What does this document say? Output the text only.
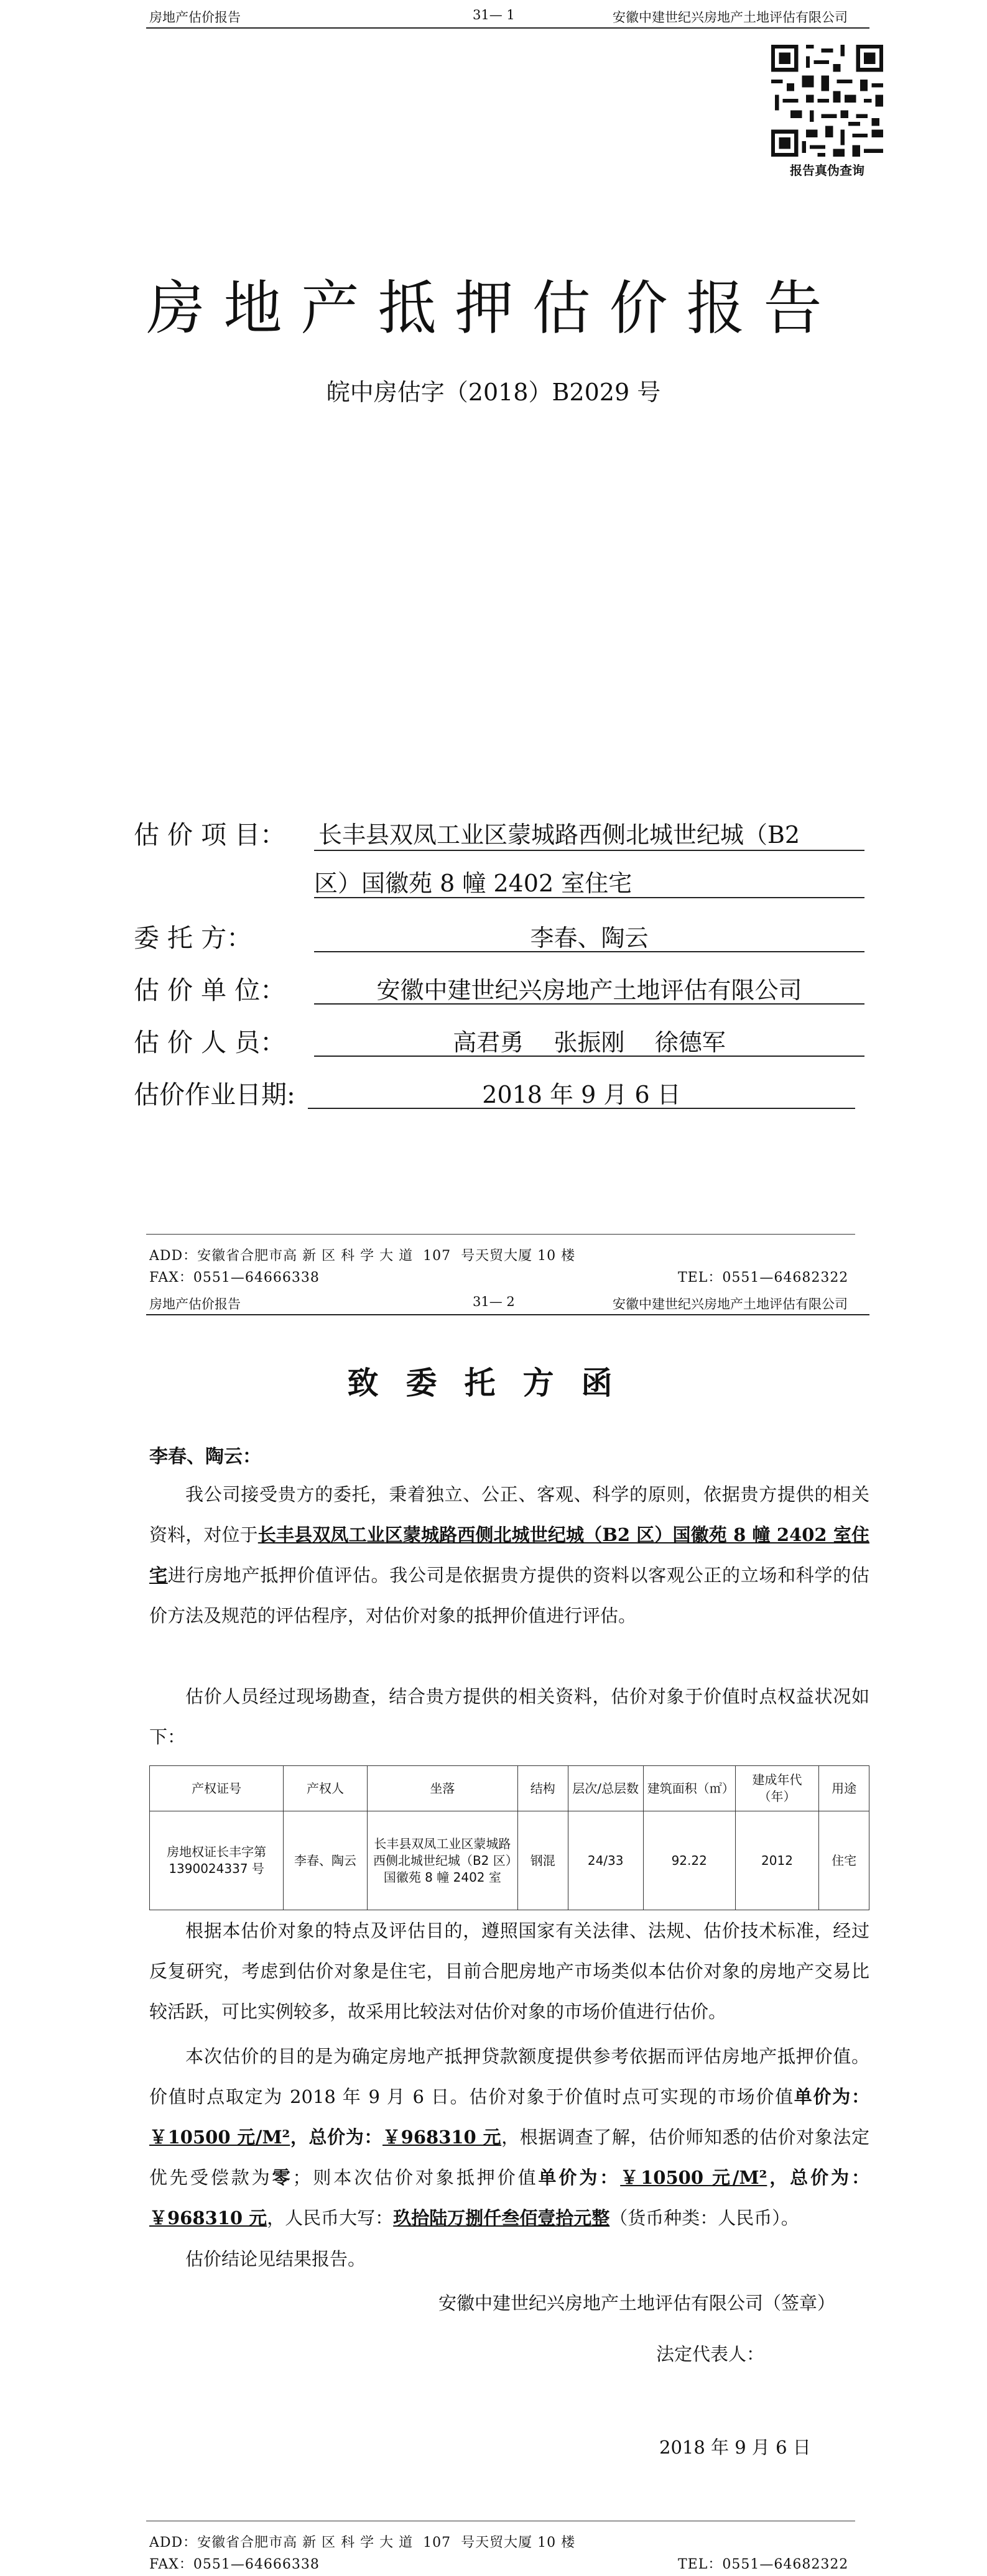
房地产估价报告	31— 1	安徽中建世纪兴房地产土地评估有限公司
报告真伪查询
房地产抵押估价报告
皖中房估字（2018）B2029 号
估 价 项 目： 长丰县双凤工业区蒙城路西侧北城世纪城（B2
区）国徽苑 8 幢 2402 室住宅
委 托 方：	李春、陶云
估 价 单 位：	安徽中建世纪兴房地产土地评估有限公司
估 价 人 员：	高君勇    张振刚    徐德军
估价作业日期:	2018 年 9 月 6 日
ADD：安徽省合肥市高 新 区 科 学 大 道  107  号天贸大厦 10 楼
FAX：0551—64666338	TEL：0551—64682322
房地产估价报告	31— 2	安徽中建世纪兴房地产土地评估有限公司
致委托方函
李春、陶云：
我公司接受贵方的委托，秉着独立、公正、客观、科学的原则，依据贵方提供的相关资料，对位于长丰县双凤工业区蒙城路西侧北城世纪城（B2 区）国徽苑 8 幢 2402 室住宅进行房地产抵押价值评估。我公司是依据贵方提供的资料以客观公正的立场和科学的估价方法及规范的评估程序，对估价对象的抵押价值进行评估。
估价人员经过现场勘查，结合贵方提供的相关资料，估价对象于价值时点权益状况如下：
产权证号	产权人	坐落	结构	层次/总层数	建筑面积（㎡）	建成年代（年）	用途
房地权证长丰字第 1390024337 号	李春、陶云	长丰县双凤工业区蒙城路西侧北城世纪城（B2 区）国徽苑 8 幢 2402 室	钢混	24/33	92.22	2012	住宅
根据本估价对象的特点及评估目的，遵照国家有关法律、法规、估价技术标准，经过反复研究，考虑到估价对象是住宅，目前合肥房地产市场类似本估价对象的房地产交易比较活跃，可比实例较多，故采用比较法对估价对象的市场价值进行估价。
本次估价的目的是为确定房地产抵押贷款额度提供参考依据而评估房地产抵押价值。价值时点取定为 2018 年 9 月 6 日。估价对象于价值时点可实现的市场价值单价为：￥10500 元/M²，总价为：￥968310 元，根据调查了解，估价师知悉的估价对象法定优先受偿款为零；则本次估价对象抵押价值单价为：￥10500 元/M²，总价为：￥968310 元，人民币大写：玖拾陆万捌仟叁佰壹拾元整（货币种类：人民币）。
估价结论见结果报告。
安徽中建世纪兴房地产土地评估有限公司（签章）
法定代表人：
2018 年 9 月 6 日
ADD：安徽省合肥市高 新 区 科 学 大 道  107  号天贸大厦 10 楼
FAX：0551—64666338	TEL：0551—64682322
